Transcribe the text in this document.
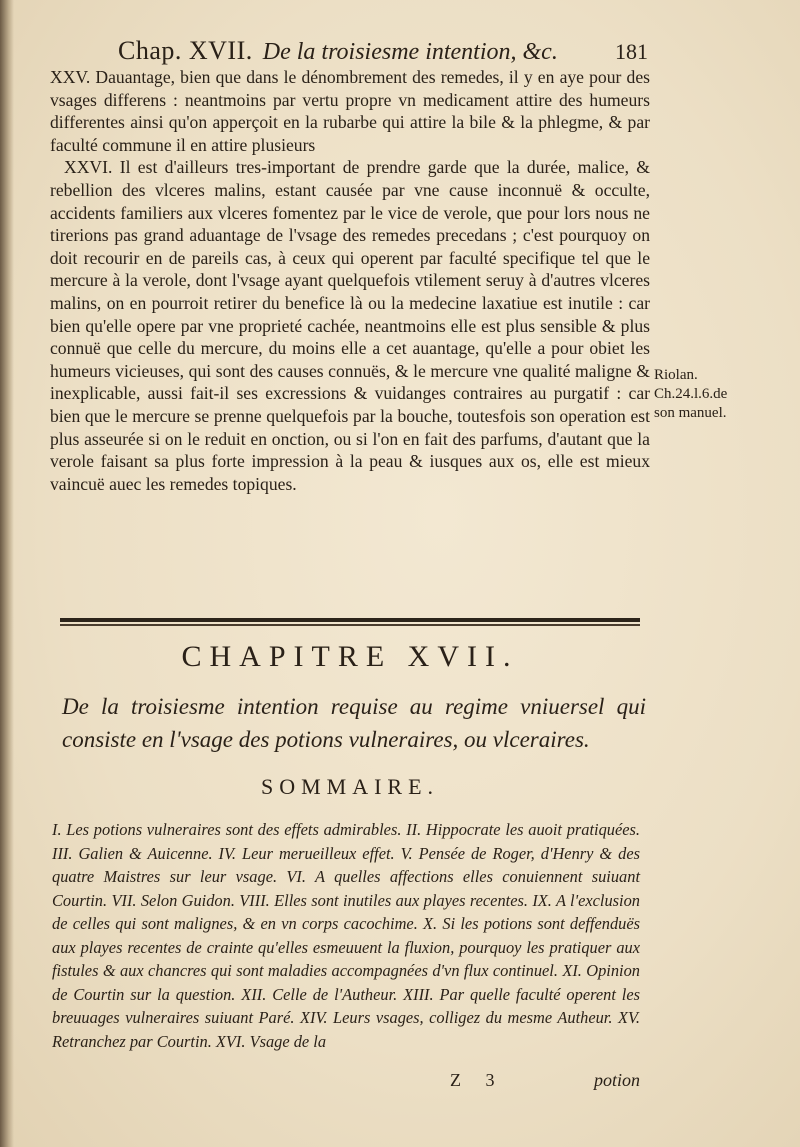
Chap. XVII. De la troisiesme intention, &c.	181

XXV. Dauantage, bien que dans le dénombrement des remedes, il y en aye pour des vsages differens : neantmoins par vertu propre vn medicament attire des humeurs differentes ainsi qu'on apperçoit en la rubarbe qui attire la bile & la phlegme, & par faculté commune il en attire plusieurs

XXVI. Il est d'ailleurs tres-important de prendre garde que la durée, malice, & rebellion des vlceres malins, estant causée par vne cause inconnuë & occulte, accidents familiers aux vlceres fomentez par le vice de verole, que pour lors nous ne tirerions pas grand aduantage de l'vsage des remedes precedans ; c'est pourquoy on doit recourir en de pareils cas, à ceux qui operent par faculté specifique tel que le mercure à la verole, dont l'vsage ayant quelquefois vtilement seruy à d'autres vlceres malins, on en pourroit retirer du benefice là ou la medecine laxatiue est inutile : car bien qu'elle opere par vne proprieté cachée, neantmoins elle est plus sensible & plus connuë que celle du mercure, du moins elle a cet auantage, qu'elle a pour obiet les humeurs vicieuses, qui sont des causes connuës, & le mercure vne qualité maligne & inexplicable, aussi fait-il ses excressions & vuidanges contraires au purgatif : car bien que le mercure se prenne quelquefois par la bouche, toutesfois son operation est plus asseurée si on le reduit en onction, ou si l'on en fait des parfums, d'autant que la verole faisant sa plus forte impression à la peau & iusques aux os, elle est mieux vaincuë auec les remedes topiques.

Riolan.
Ch.24.l.6.de
son manuel.
CHAPITRE XVII.
De la troisiesme intention requise au regime vniuersel qui consiste en l'vsage des potions vulneraires, ou vlceraires.
SOMMAIRE.
I. Les potions vulneraires sont des effets admirables. II. Hippocrate les auoit pratiquées. III. Galien & Auicenne. IV. Leur merueilleux effet. V. Pensée de Roger, d'Henry & des quatre Maistres sur leur vsage. VI. A quelles affections elles conuiennent suiuant Courtin. VII. Selon Guidon. VIII. Elles sont inutiles aux playes recentes. IX. A l'exclusion de celles qui sont malignes, & en vn corps cacochime. X. Si les potions sont deffenduës aux playes recentes de crainte qu'elles esmeuuent la fluxion, pourquoy les pratiquer aux fistules & aux chancres qui sont maladies accompagnées d'vn flux continuel. XI. Opinion de Courtin sur la question. XII. Celle de l'Autheur. XIII. Par quelle faculté operent les breuuages vulneraires suiuant Paré. XIV. Leurs vsages, colligez du mesme Autheur. XV. Retranchez par Courtin. XVI. Vsage de la
Z 3	potion
